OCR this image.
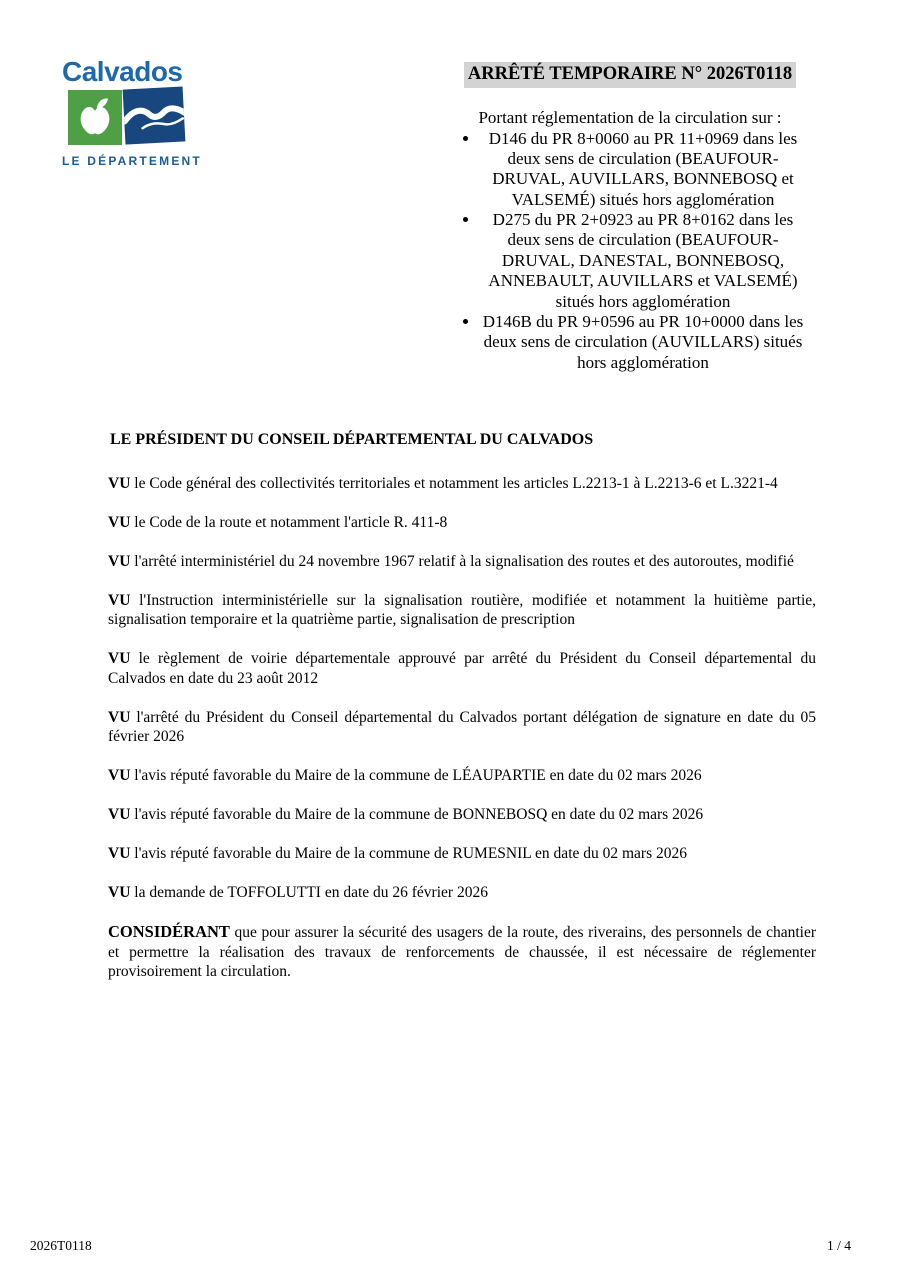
Calvados
LE DÉPARTEMENT
ARRÊTÉ TEMPORAIRE N° 2026T0118
Portant réglementation de la circulation sur :
• D146 du PR 8+0060 au PR 11+0969 dans les deux sens de circulation (BEAUFOUR-DRUVAL, AUVILLARS, BONNEBOSQ et VALSEMÉ) situés hors agglomération
• D275 du PR 2+0923 au PR 8+0162 dans les deux sens de circulation (BEAUFOUR-DRUVAL, DANESTAL, BONNEBOSQ, ANNEBAULT, AUVILLARS et VALSEMÉ) situés hors agglomération
• D146B du PR 9+0596 au PR 10+0000 dans les deux sens de circulation (AUVILLARS) situés hors agglomération

LE PRÉSIDENT DU CONSEIL DÉPARTEMENTAL DU CALVADOS

VU le Code général des collectivités territoriales et notamment les articles L.2213-1 à L.2213-6 et L.3221-4

VU le Code de la route et notamment l'article R. 411-8

VU l'arrêté interministériel du 24 novembre 1967 relatif à la signalisation des routes et des autoroutes, modifié

VU l'Instruction interministérielle sur la signalisation routière, modifiée et notamment la huitième partie, signalisation temporaire et la quatrième partie, signalisation de prescription

VU le règlement de voirie départementale approuvé par arrêté du Président du Conseil départemental du Calvados en date du 23 août 2012

VU l'arrêté du Président du Conseil départemental du Calvados portant délégation de signature en date du 05 février 2026

VU l'avis réputé favorable du Maire de la commune de LÉAUPARTIE en date du 02 mars 2026

VU l'avis réputé favorable du Maire de la commune de BONNEBOSQ en date du 02 mars 2026

VU l'avis réputé favorable du Maire de la commune de RUMESNIL en date du 02 mars 2026

VU la demande de TOFFOLUTTI en date du 26 février 2026

CONSIDÉRANT que pour assurer la sécurité des usagers de la route, des riverains, des personnels de chantier et permettre la réalisation des travaux de renforcements de chaussée, il est nécessaire de réglementer provisoirement la circulation.

2026T0118	1 / 4
